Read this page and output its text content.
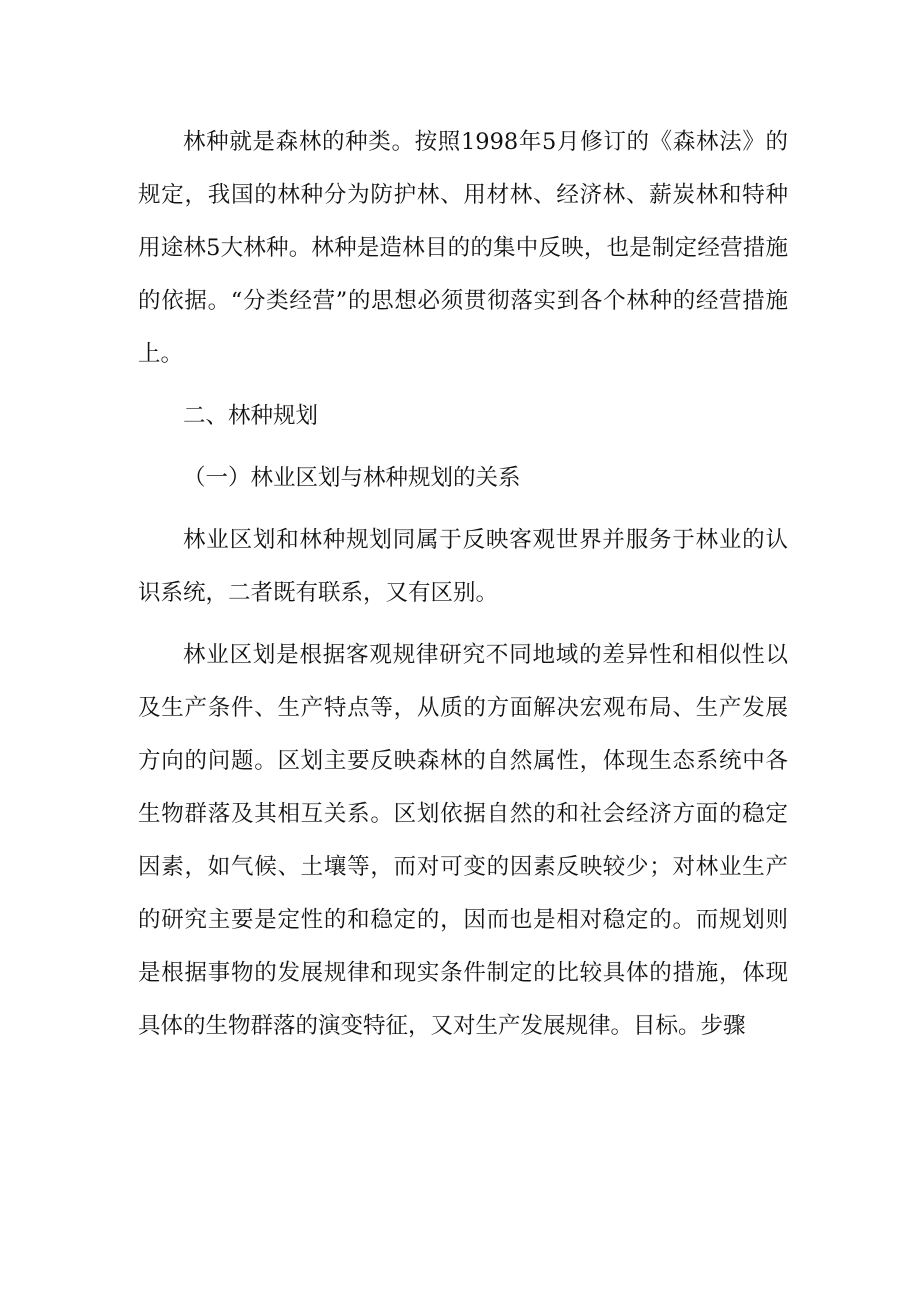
林种就是森林的种类。按照1998年5月修订的《森林法》的规定，我国的林种分为防护林、用材林、经济林、薪炭林和特种用途林5大林种。林种是造林目的的集中反映，也是制定经营措施的依据。“分类经营”的思想必须贯彻落实到各个林种的经营措施上。

二、林种规划

（一）林业区划与林种规划的关系

林业区划和林种规划同属于反映客观世界并服务于林业的认识系统，二者既有联系，又有区别。

林业区划是根据客观规律研究不同地域的差异性和相似性以及生产条件、生产特点等，从质的方面解决宏观布局、生产发展方向的问题。区划主要反映森林的自然属性，体现生态系统中各生物群落及其相互关系。区划依据自然的和社会经济方面的稳定因素，如气候、土壤等，而对可变的因素反映较少；对林业生产的研究主要是定性的和稳定的，因而也是相对稳定的。而规划则是根据事物的发展规律和现实条件制定的比较具体的措施，体现具体的生物群落的演变特征，又对生产发展规律。目标。步骤
